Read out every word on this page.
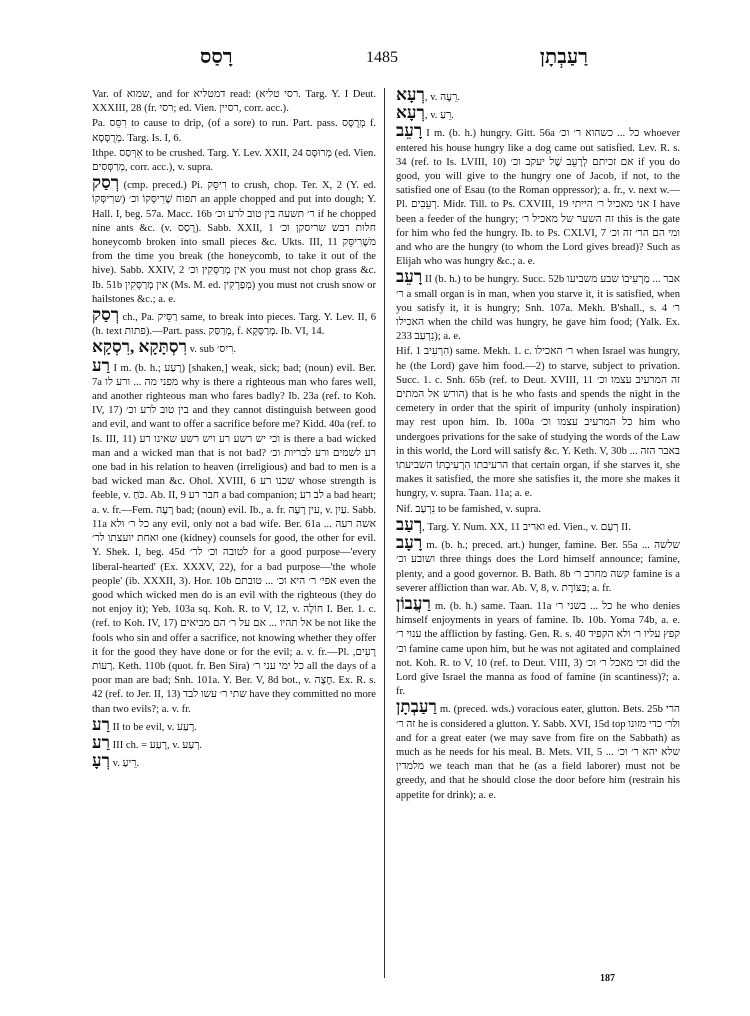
רָסַס	1485	רַעַבְתָן

Var. of שמוא, and for דמטליא read: (רסי טליא. Targ. Y. I Deut. XXXIII, 28 (fr. רסי; ed. Vien. רסיין, corr. acc.).

Pa. רִסֵּס to cause to drip, (of a sore) to run. Part. pass. מְרֻסָּס f. מְרֻסְּסָא. Targ. Is. I, 6.

Ithpe. אִרְּסַס to be crushed. Targ. Y. Lev. XXII, 24 מְרוּסָּס (ed. Vien. מְרַסְּסִים, corr. acc.), v. supra.

רְסַק (cmp. preced.) Pi. רִיסֵּק to crush, chop. Ter. X, 2 (Y. ed. שרִיסְּקוֹ) תפוח שֶׁרִיסְּקוֹ וכ׳ an apple chopped and put into dough; Y. Hall. I, beg. 57a. Macc. 16b ר׳ תשעה בין טוב לרע וכ׳ if he chopped nine ants &c. (v. רָסַס). Sabb. XXII, 1 חלות דבש שריסקן וכ׳ honeycomb broken into small pieces &c. Ukts. III, 11 משֶׁרִיסֵּק from the time you break (the honeycomb, to take it out of the hive). Sabb. XXIV, 2 אין מְרַסְּקִין וכ׳ you must not chop grass &c. Ib. 51b אין מְרַסְּקִין (Ms. M. ed. מְפַרְקִין) you must not crush snow or hailstones &c.; a. e.

רְסַק ch., Pa. רַסֵּיק same, to break into pieces. Targ. Y. Lev. II, 6 (h. text פתות).—Part. pass. מְרַסַּק, f. מְרַסְּקָא. Ib. VI, 14.

רִסְתָּקָא ,רִסְקָא v. sub רִיס׳.

רַע I m. (b. h.; רָעַע) [shaken,] weak, sick; bad; (noun) evil. Ber. 7a מפני מה ... ורע לו why is there a righteous man who fares well, and another righteous man who fares badly? Ib. 23a (ref. to Koh. IV, 17) בין טוב לרע וכ׳ and they cannot distinguish between good and evil, and want to offer a sacrifice before me? Kidd. 40a (ref. to Is. III, 11) וכי יש רשע רע ויש רשע שאינו רע is there a bad wicked man and a wicked man that is not bad? רע לשמים ורע לבריות וכ׳ one bad in his relation to heaven (irreligious) and bad to men is a bad wicked man &c. Ohol. XVIII, 6 שכנו רע whose strength is feeble, v. כֹּחַ. Ab. II, 9 חבר רע a bad companion; לב רע a bad heart; a. v. fr.—Fem. רָעָה bad; (noun) evil. Ib., a. fr. עין רָעָה, v. עַיִן. Sabb. 11a כל ר׳ ולא any evil, only not a bad wife. Ber. 61a ... אשה רעה ואחת יועצתו לר׳ one (kidney) counsels for good, the other for evil. Y. Shek. I, beg. 45d לטובה וכ׳ לר׳ for a good purpose—'every liberal-hearted' (Ex. XXXV, 22), for a bad purpose—'the whole people' (ib. XXXII, 3). Hor. 10b אפי׳ ר׳ היא וכ׳ ... טובתם even the good which wicked men do is an evil with the righteous (they do not enjoy it); Yeb. 103a sq. Koh. R. to V, 12, v. חוֹלָה I. Ber. 1. c. (ref. to Koh. IV, 17) אל תהיו ... אם על ר׳ הם מביאים be not like the fools who sin and offer a sacrifice, not knowing whether they offer it for the good they have done or for the evil; a. v. fr.—Pl. רָעִים, רָעוֹת. Keth. 110b (quot. fr. Ben Sira) כל ימי עני ר׳ all the days of a poor man are bad; Snh. 101a. Y. Ber. V, 8d bot., v. חֶצֶה. Ex. R. s. 42 (ref. to Jer. II, 13) שתי ר׳ עשו לבד have they committed no more than two evils?; a. v. fr.

רַע II to be evil, v. רָעַע.

רַע III ch. = רָעַע, v. רְעַע.

רְעָ v. רֵיעַ.

רְעָא, v. רֵעֶה.

רְעָא, v. רֵעַ.

רָעֵב I m. (b. h.) hungry. Gitt. 56a כל ... כשהוא ר׳ וכ׳ whoever entered his house hungry like a dog came out satisfied. Lev. R. s. 34 (ref. to Is. LVIII, 10) אם זכיתם לְרָעֵב שֶׁל יעקב וכ׳ if you do good, you will give to the hungry one of Jacob, if not, to the satisfied one of Esau (to the Roman oppressor); a. fr., v. next w.—Pl. רְעֵבִים. Midr. Till. to Ps. CXVIII, 19 אני מאכיל ר׳ הייתי I have been a feeder of the hungry; זה השער של מאכיל ר׳ this is the gate for him who fed the hungry. Ib. to Ps. CXLVI, 7 ומי הם הר׳ זה וכ׳ and who are the hungry (to whom the Lord gives bread)? Such as Elijah who was hungry &c.; a. e.

רָעֵב II (b. h.) to be hungry. Succ. 52b אבר ... מַרְעִיבוֹ שבע משביעו ר׳ a small organ is in man, when you starve it, it is satisfied, when you satisfy it, it is hungry; Snh. 107a. Mekh. B'shall., s. 4 ר׳ האכילו when the child was hungry, he gave him food; (Yalk. Ex. 233 נִרְעַב); a. e.

Hif. הִרְעִיב 1) same. Mekh. 1. c. ר׳ האכילו when Israel was hungry, he (the Lord) gave him food.—2) to starve, subject to privation. Succ. 1. c. Snh. 65b (ref. to Deut. XVIII, 11 זה המרעיב עצמו וכ׳ (הורש אל המתים that is he who fasts and spends the night in the cemetery in order that the spirit of impurity (unholy inspiration) may rest upon him. Ib. 100a כל המרעיב עצמו וכ׳ him who undergoes privations for the sake of studying the words of the Law in this world, the Lord will satisfy &c. Y. Keth. V, 30b באבר הזה ... הרעיבתו הִרְעִיבְתּוֹ השביעתו that certain organ, if she starves it, she makes it satisfied, the more she satisfies it, the more she makes it hungry, v. supra. Taan. 11a; a. e.

Nif. נִרְעַב to be famished, v. supra.

רְעַב, Targ. Y. Num. XX, 11 ואריב ed. Vien., v. רְעַם II.

רָעָב m. (b. h.; preced. art.) hunger, famine. Ber. 55a שלשה ... ושובע וכ׳ three things does the Lord himself announce; famine, plenty, and a good governor. B. Bath. 8b קשה מחרב ר׳ famine is a severer affliction than war. Ab. V, 8, v. בַּצּוֹרֶת; a. fr.

רַעֲבוֹן m. (b. h.) same. Taan. 11a כל ... בשני ר׳ he who denies himself enjoyments in years of famine. Ib. 10b. Yoma 74b, a. e. ענוי ר׳ the affliction by fasting. Gen. R. s. 40 קפץ עליו ר׳ ולא הקפיד וכ׳ famine came upon him, but he was not agitated and complained not. Koh. R. to V, 10 (ref. to Deut. VIII, 3) וכי מאכל ר׳ וכ׳ did the Lord give Israel the manna as food of famine (in scantiness)?; a. fr.

רַעַבְתָן m. (preced. wds.) voracious eater, glutton. Bets. 25b הרי זה ר׳ he is considered a glutton. Y. Sabb. XVI, 15d top ולר׳ כדי מזונו and for a great eater (we may save from fire on the Sabbath) as much as he needs for his meal. B. Mets. VII, 5 ... שלא יהא ר׳ וכ׳ מלמדין we teach man that he (as a field laborer) must not be greedy, and that he should close the door before him (restrain his appetite for drink); a. e.

187
